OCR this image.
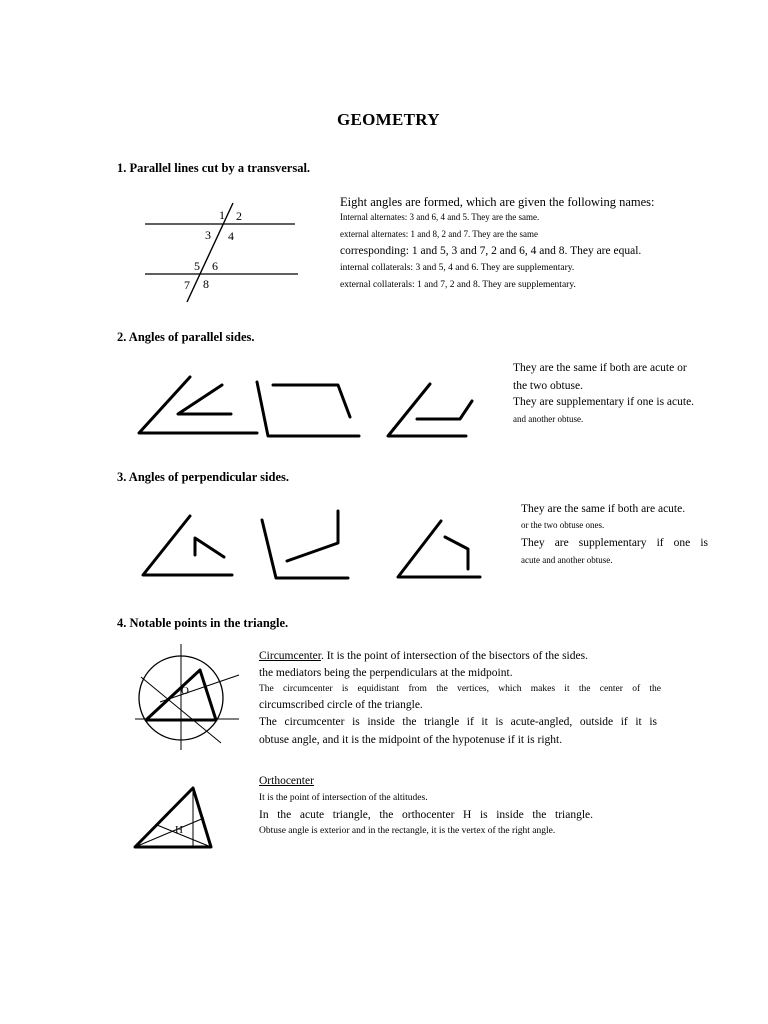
GEOMETRY
1. Parallel lines cut by a transversal.
1 2
3 4
5 6
7 8
Eight angles are formed, which are given the following names:
Internal alternates: 3 and 6, 4 and 5. They are the same.
external alternates: 1 and 8, 2 and 7. They are the same
corresponding: 1 and 5, 3 and 7, 2 and 6, 4 and 8. They are equal.
internal collaterals: 3 and 5, 4 and 6. They are supplementary.
external collaterals: 1 and 7, 2 and 8. They are supplementary.
2. Angles of parallel sides.
They are the same if both are acute or
the two obtuse.
They are supplementary if one is acute.
and another obtuse.
3. Angles of perpendicular sides.
They are the same if both are acute.
or the two obtuse ones.
They are supplementary if one is
acute and another obtuse.
4. Notable points in the triangle.
O
Circumcenter. It is the point of intersection of the bisectors of the sides.
the mediators being the perpendiculars at the midpoint.
The circumcenter is equidistant from the vertices, which makes it the center of the
circumscribed circle of the triangle.
The circumcenter is inside the triangle if it is acute-angled, outside if it is
obtuse angle, and it is the midpoint of the hypotenuse if it is right.
H
Orthocenter
It is the point of intersection of the altitudes.
In the acute triangle, the orthocenter H is inside the triangle.
Obtuse angle is exterior and in the rectangle, it is the vertex of the right angle.
